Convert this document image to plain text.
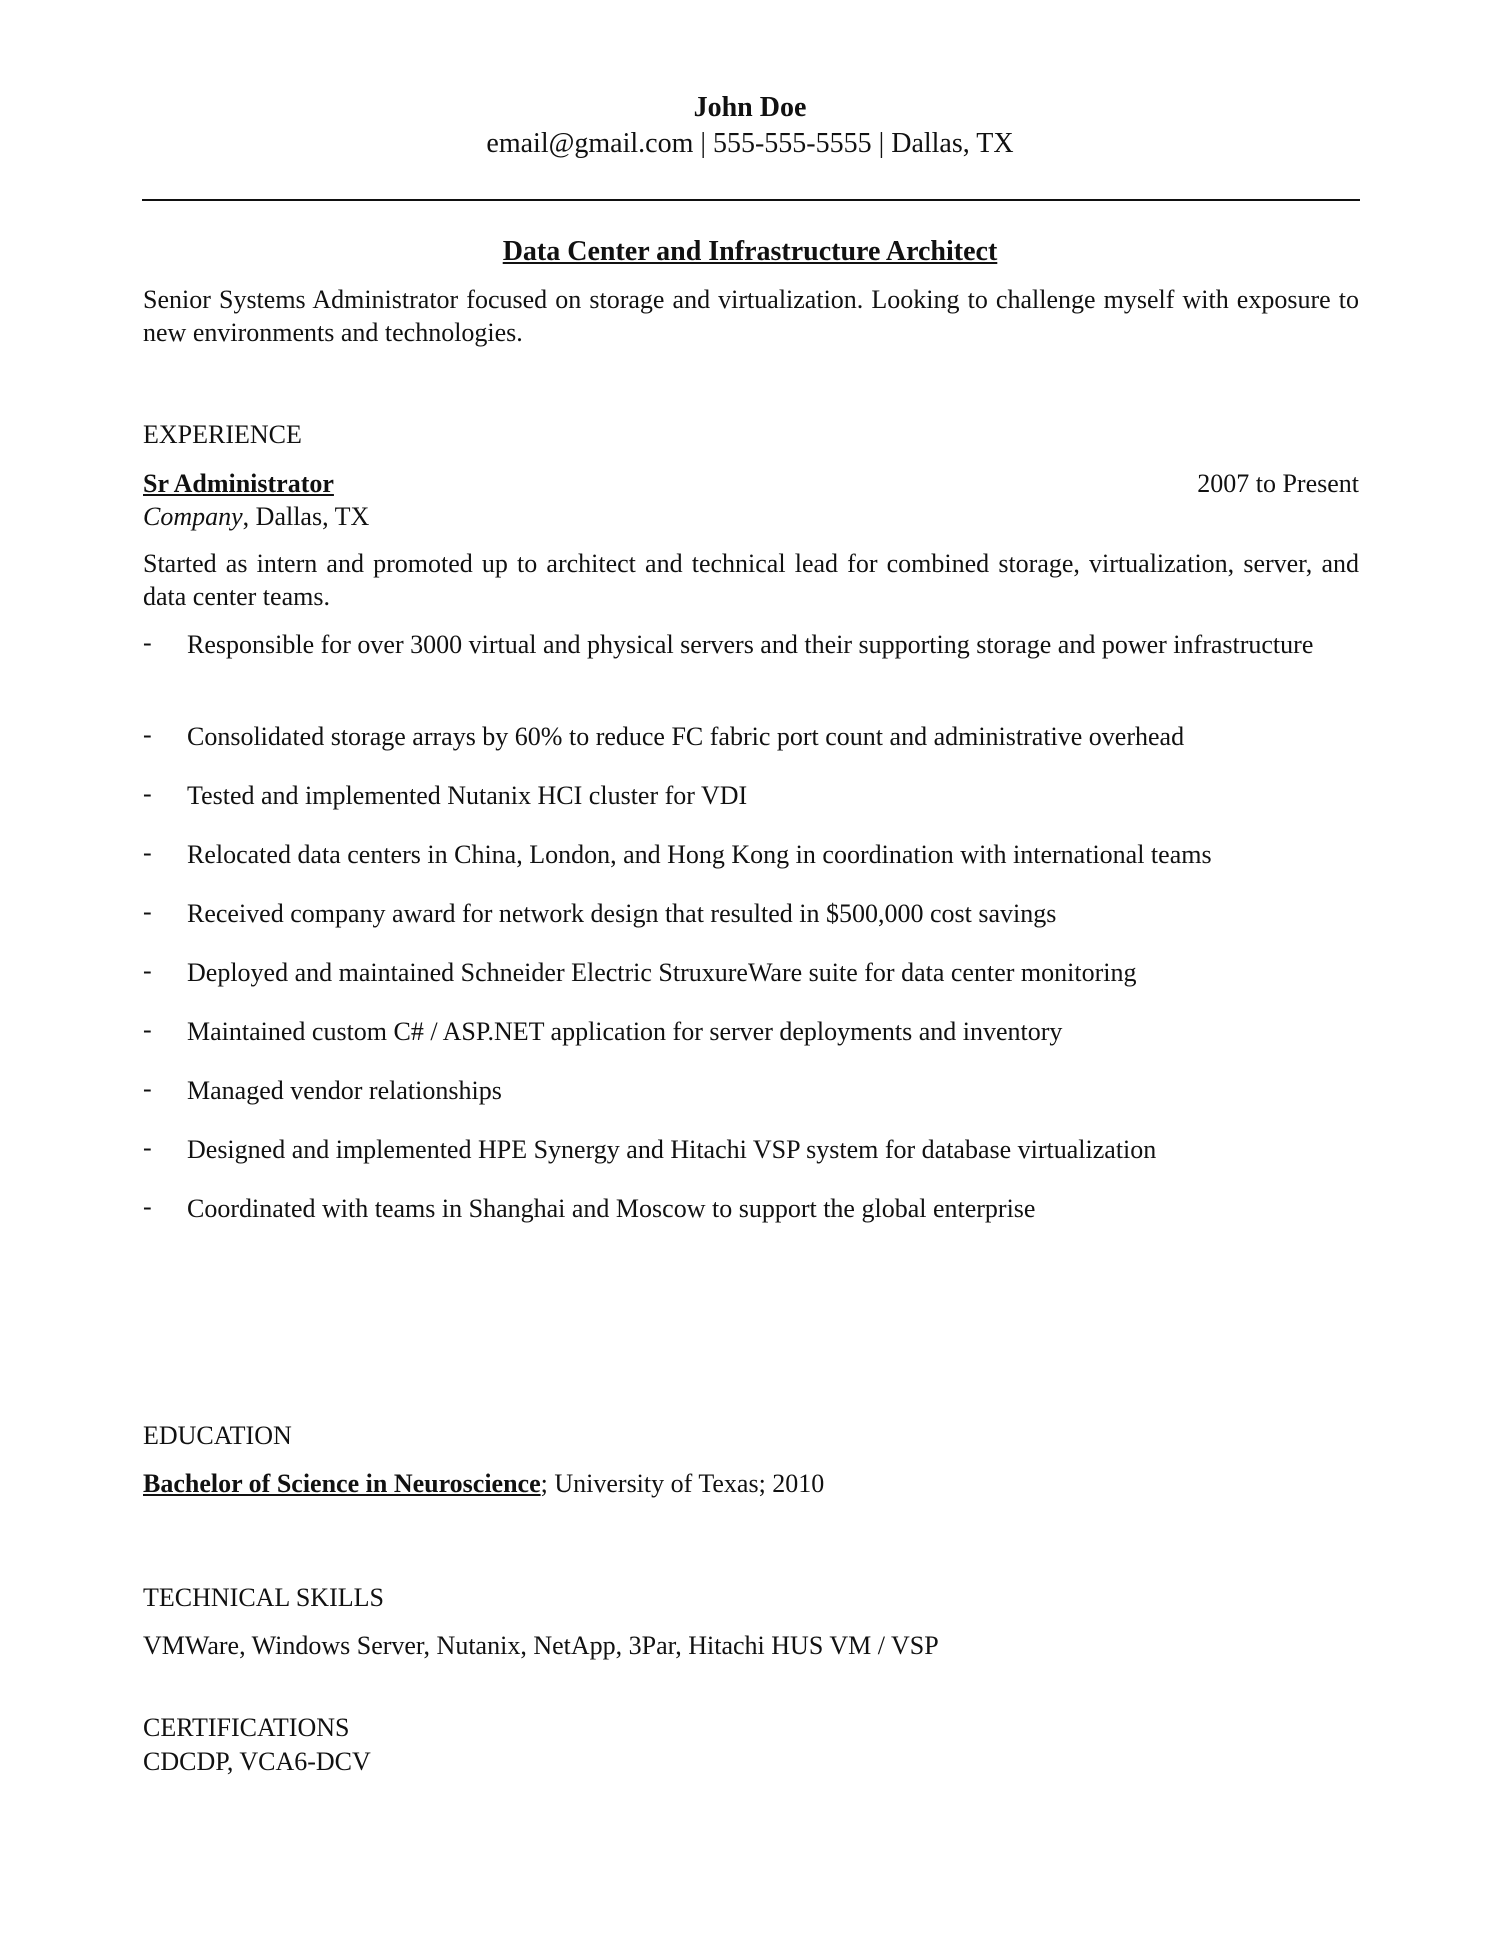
John Doe
email@gmail.com | 555-555-5555 | Dallas, TX
Data Center and Infrastructure Architect
Senior Systems Administrator focused on storage and virtualization. Looking to challenge myself with exposure to new environments and technologies.
EXPERIENCE
Sr Administrator	2007 to Present
Company, Dallas, TX
Started as intern and promoted up to architect and technical lead for combined storage, virtualization, server, and data center teams.
- Responsible for over 3000 virtual and physical servers and their supporting storage and power infrastructure
- Consolidated storage arrays by 60% to reduce FC fabric port count and administrative overhead
- Tested and implemented Nutanix HCI cluster for VDI
- Relocated data centers in China, London, and Hong Kong in coordination with international teams
- Received company award for network design that resulted in $500,000 cost savings
- Deployed and maintained Schneider Electric StruxureWare suite for data center monitoring
- Maintained custom C# / ASP.NET application for server deployments and inventory
- Managed vendor relationships
- Designed and implemented HPE Synergy and Hitachi VSP system for database virtualization
- Coordinated with teams in Shanghai and Moscow to support the global enterprise
EDUCATION
Bachelor of Science in Neuroscience; University of Texas; 2010
TECHNICAL SKILLS
VMWare, Windows Server, Nutanix, NetApp, 3Par, Hitachi HUS VM / VSP
CERTIFICATIONS
CDCDP, VCA6-DCV
